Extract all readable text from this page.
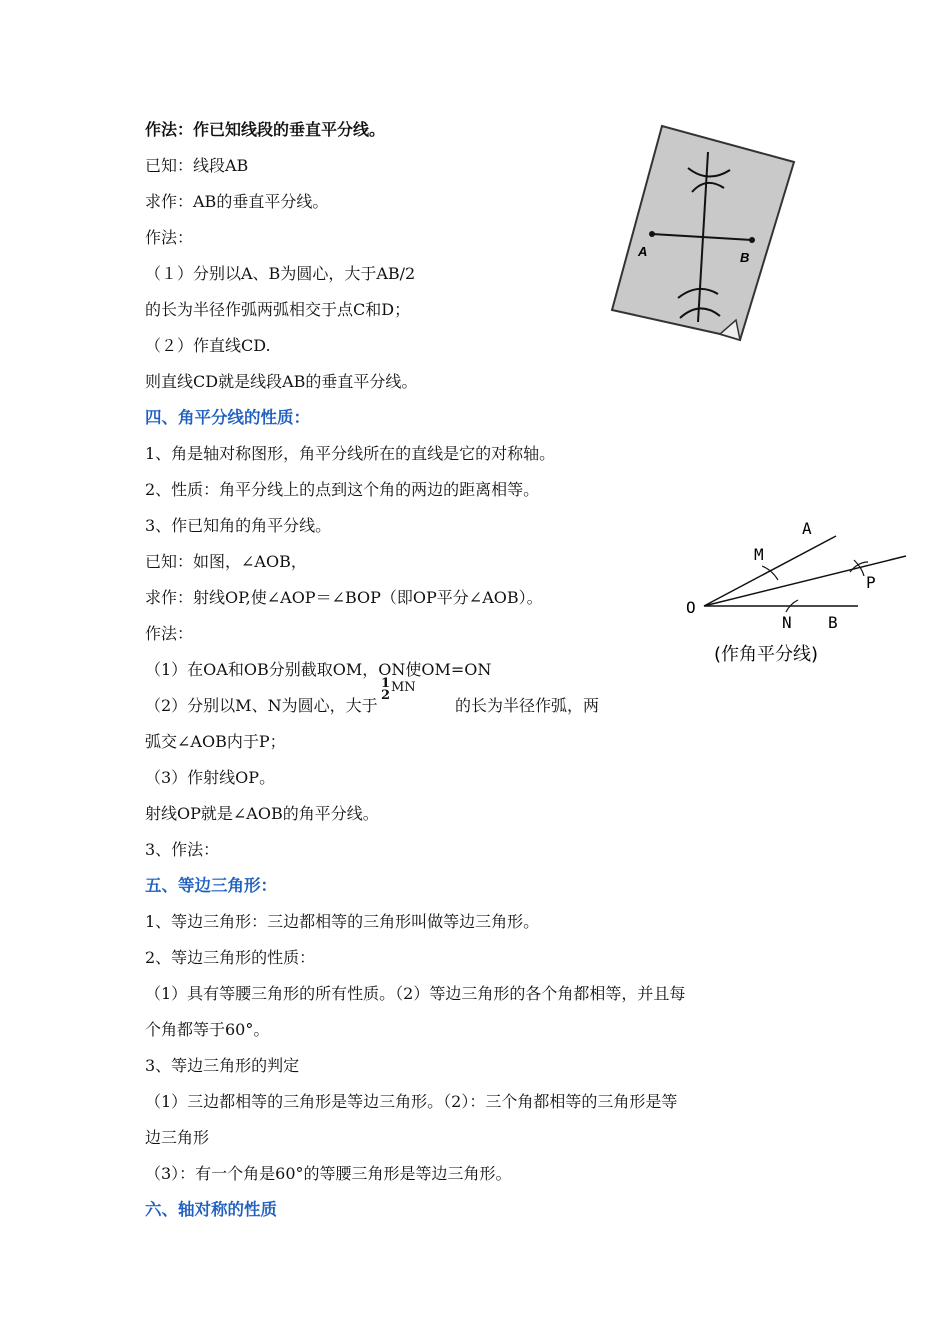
作法：作已知线段的垂直平分线。
已知：线段AB
求作：AB的垂直平分线。
作法：
（１）分别以A、B为圆心，大于AB/2
的长为半径作弧两弧相交于点C和D；
（２）作直线CD.
则直线CD就是线段AB的垂直平分线。
A	B
四、角平分线的性质：
1、角是轴对称图形，角平分线所在的直线是它的对称轴。
2、性质：角平分线上的点到这个角的两边的距离相等。
3、作已知角的角平分线。
已知：如图，∠AOB，
求作：射线OP,使∠AOP＝∠BOP（即OP平分∠AOB）。
作法：
（1）在OA和OB分别截取OM，ON使OM=ON
（2）分别以M、N为圆心，大于
1
2
MN
的长为半径作弧，两
弧交∠AOB内于P；
（3）作射线OP。
射线OP就是∠AOB的角平分线。
3、作法：
O
A
M
P
N B
(作角平分线)
五、等边三角形：
1、等边三角形：三边都相等的三角形叫做等边三角形。
2、等边三角形的性质：
（1）具有等腰三角形的所有性质。（2）等边三角形的各个角都相等，并且每
个角都等于60°。
3、等边三角形的判定
（1）三边都相等的三角形是等边三角形。（2）：三个角都相等的三角形是等
边三角形
（3）：有一个角是60°的等腰三角形是等边三角形。
六、轴对称的性质
